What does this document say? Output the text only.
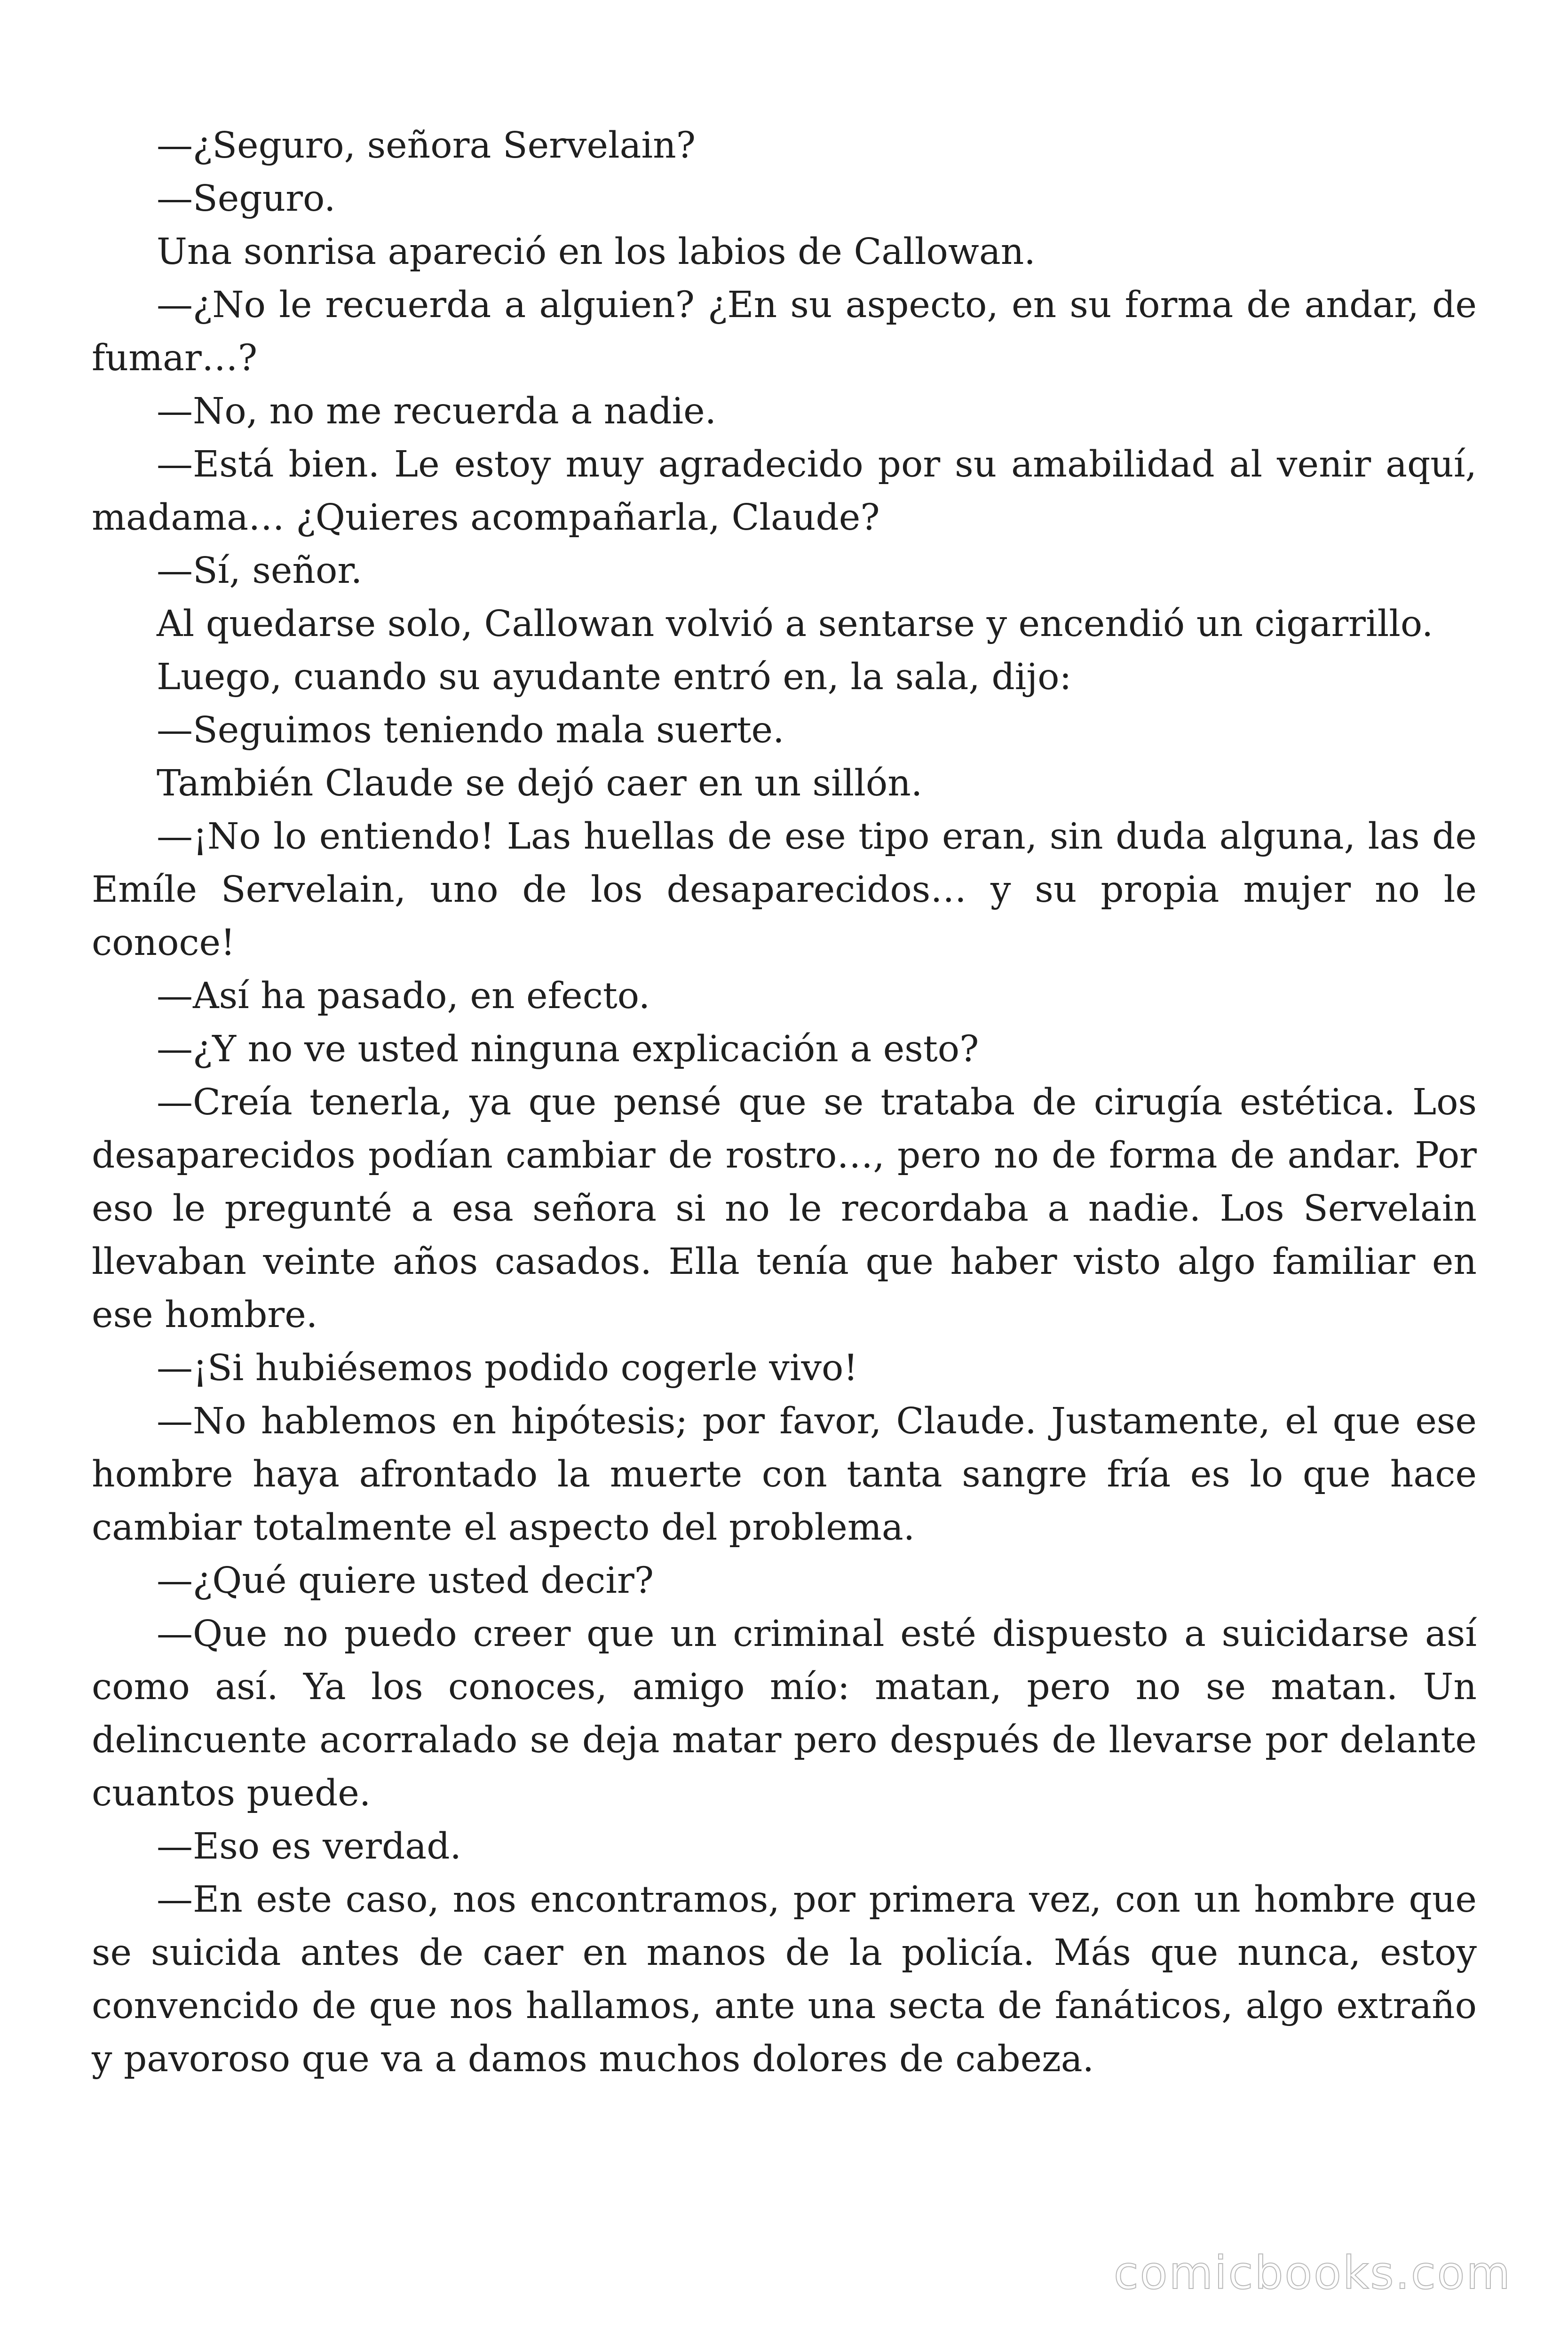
—¿Seguro, señora Servelain?

—Seguro.

Una sonrisa apareció en los labios de Callowan.

—¿No le recuerda a alguien? ¿En su aspecto, en su forma de andar, de fumar…?

—No, no me recuerda a nadie.

—Está bien. Le estoy muy agradecido por su amabilidad al venir aquí, madama… ¿Quieres acompañarla, Claude?

—Sí, señor.

Al quedarse solo, Callowan volvió a sentarse y encendió un cigarrillo.

Luego, cuando su ayudante entró en, la sala, dijo:

—Seguimos teniendo mala suerte.

También Claude se dejó caer en un sillón.

—¡No lo entiendo! Las huellas de ese tipo eran, sin duda alguna, las de Emíle Servelain, uno de los desaparecidos… y su propia mujer no le conoce!

—Así ha pasado, en efecto.

—¿Y no ve usted ninguna explicación a esto?

—Creía tenerla, ya que pensé que se trataba de cirugía estética. Los desaparecidos podían cambiar de rostro…, pero no de forma de andar. Por eso le pregunté a esa señora si no le recordaba a nadie. Los Servelain llevaban veinte años casados. Ella tenía que haber visto algo familiar en ese hombre.

—¡Si hubiésemos podido cogerle vivo!

—No hablemos en hipótesis; por favor, Claude. Justamente, el que ese hombre haya afrontado la muerte con tanta sangre fría es lo que hace cambiar totalmente el aspecto del problema.

—¿Qué quiere usted decir?

—Que no puedo creer que un criminal esté dispuesto a suicidarse así como así. Ya los conoces, amigo mío: matan, pero no se matan. Un delincuente acorralado se deja matar pero después de llevarse por delante cuantos puede.

—Eso es verdad.

—En este caso, nos encontramos, por primera vez, con un hombre que se suicida antes de caer en manos de la policía. Más que nunca, estoy convencido de que nos hallamos, ante una secta de fanáticos, algo extraño y pavoroso que va a damos muchos dolores de cabeza.

comicbooks.com
